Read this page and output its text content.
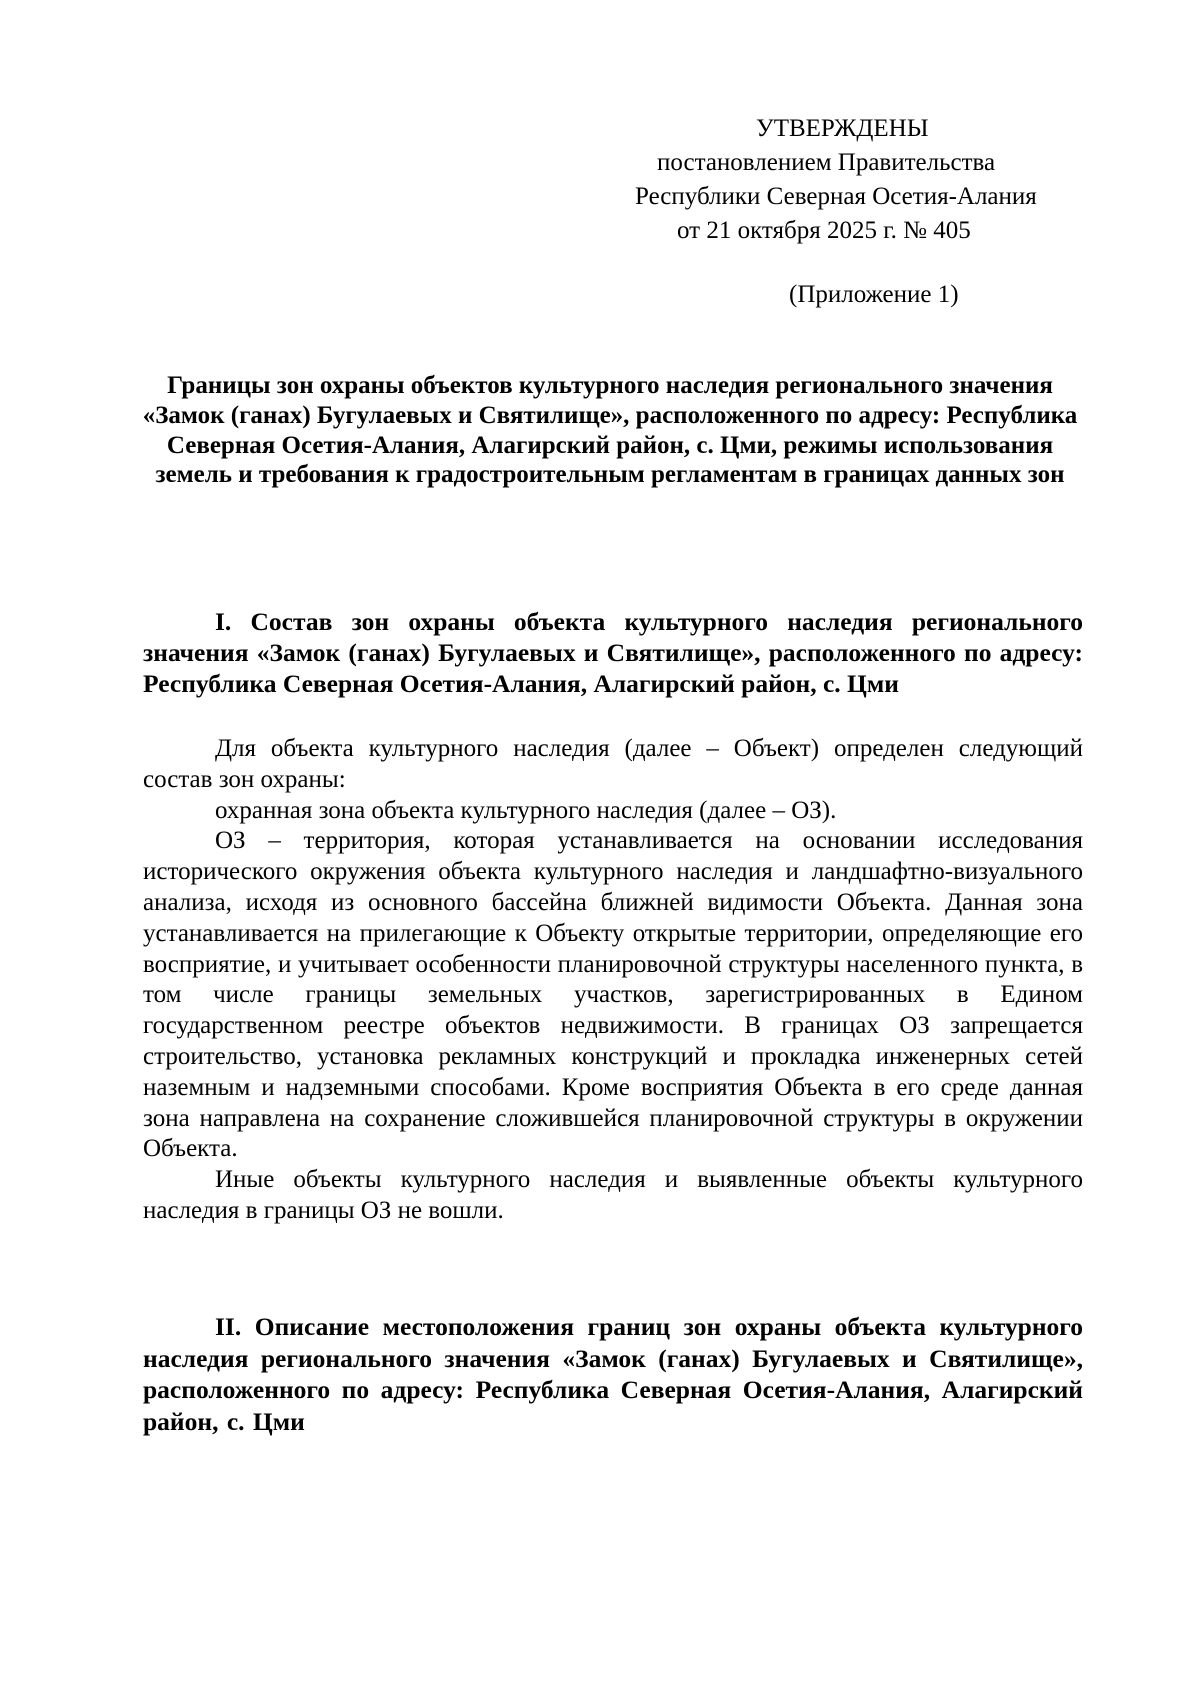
УТВЕРЖДЕНЫ
постановлением Правительства
Республики Северная Осетия-Алания
от 21 октября 2025 г. № 405
(Приложение 1)
Границы зон охраны объектов культурного наследия регионального значения «Замок (ганах) Бугулаевых и Святилище», расположенного по адресу: Республика Северная Осетия-Алания, Алагирский район, с. Цми, режимы использования земель и требования к градостроительным регламентам в границах данных зон
I. Состав зон охраны объекта культурного наследия регионального значения «Замок (ганах) Бугулаевых и Святилище», расположенного по адресу: Республика Северная Осетия-Алания, Алагирский район, с. Цми

Для объекта культурного наследия (далее – Объект) определен следующий состав зон охраны:

охранная зона объекта культурного наследия (далее – ОЗ).

ОЗ – территория, которая устанавливается на основании исследования исторического окружения объекта культурного наследия и ландшафтно-визуального анализа, исходя из основного бассейна ближней видимости Объекта. Данная зона устанавливается на прилегающие к Объекту открытые территории, определяющие его восприятие, и учитывает особенности планировочной структуры населенного пункта, в том числе границы земельных участков, зарегистрированных в Едином государственном реестре объектов недвижимости. В границах ОЗ запрещается строительство, установка рекламных конструкций и прокладка инженерных сетей наземным и надземными способами. Кроме восприятия Объекта в его среде данная зона направлена на сохранение сложившейся планировочной структуры в окружении Объекта.

Иные объекты культурного наследия и выявленные объекты культурного наследия в границы ОЗ не вошли.

II. Описание местоположения границ зон охраны объекта культурного наследия регионального значения «Замок (ганах) Бугулаевых и Святилище», расположенного по адресу: Республика Северная Осетия-Алания, Алагирский район, с. Цми
